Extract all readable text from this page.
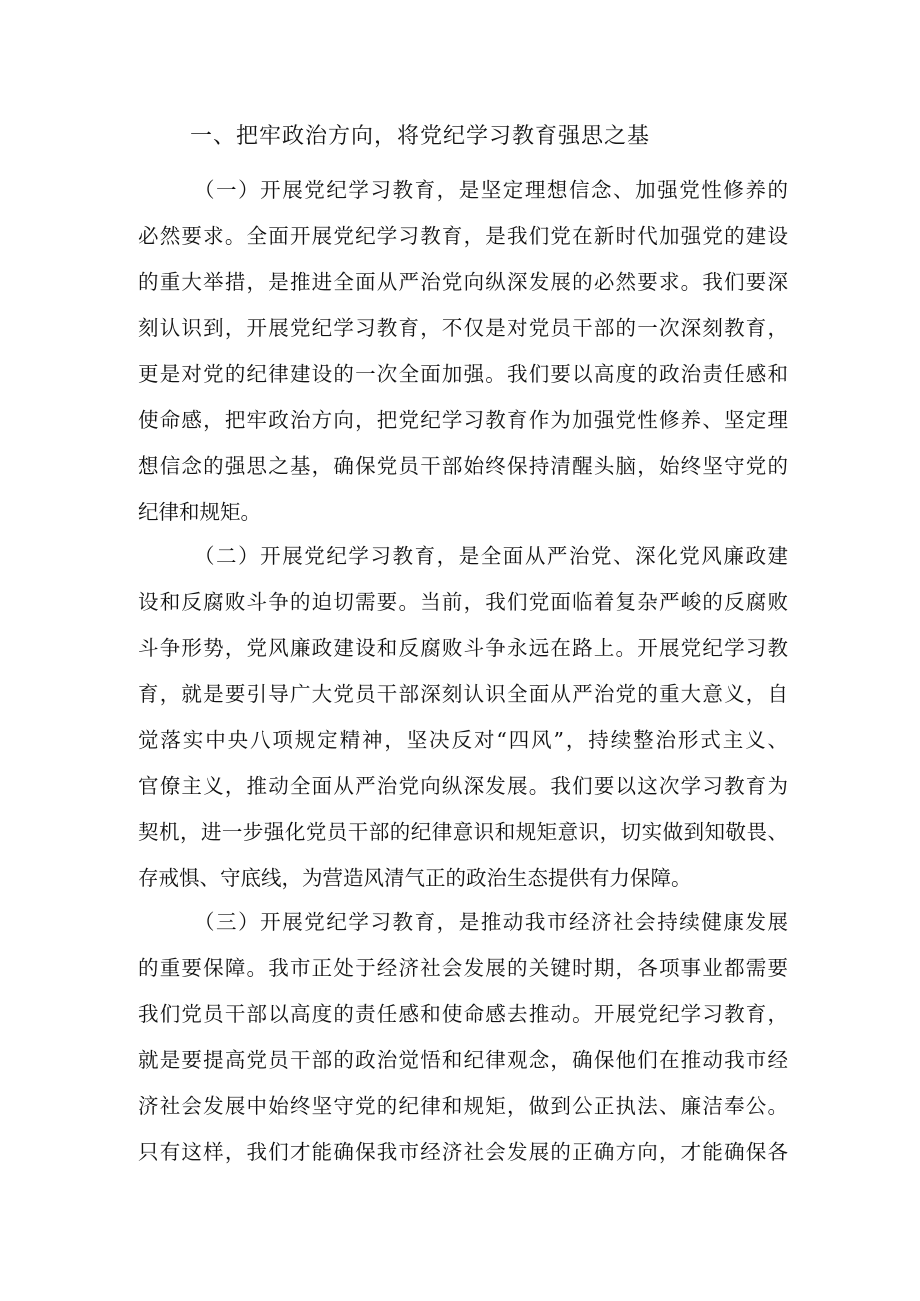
一、把牢政治方向，将党纪学习教育强思之基
（一）开展党纪学习教育，是坚定理想信念、加强党性修养的
必然要求。全面开展党纪学习教育，是我们党在新时代加强党的建设
的重大举措，是推进全面从严治党向纵深发展的必然要求。我们要深
刻认识到，开展党纪学习教育，不仅是对党员干部的一次深刻教育，
更是对党的纪律建设的一次全面加强。我们要以高度的政治责任感和
使命感，把牢政治方向，把党纪学习教育作为加强党性修养、坚定理
想信念的强思之基，确保党员干部始终保持清醒头脑，始终坚守党的
纪律和规矩。
（二）开展党纪学习教育，是全面从严治党、深化党风廉政建
设和反腐败斗争的迫切需要。当前，我们党面临着复杂严峻的反腐败
斗争形势，党风廉政建设和反腐败斗争永远在路上。开展党纪学习教
育，就是要引导广大党员干部深刻认识全面从严治党的重大意义，自
觉落实中央八项规定精神，坚决反对“四风”，持续整治形式主义、
官僚主义，推动全面从严治党向纵深发展。我们要以这次学习教育为
契机，进一步强化党员干部的纪律意识和规矩意识，切实做到知敬畏、
存戒惧、守底线，为营造风清气正的政治生态提供有力保障。
（三）开展党纪学习教育，是推动我市经济社会持续健康发展
的重要保障。我市正处于经济社会发展的关键时期，各项事业都需要
我们党员干部以高度的责任感和使命感去推动。开展党纪学习教育，
就是要提高党员干部的政治觉悟和纪律观念，确保他们在推动我市经
济社会发展中始终坚守党的纪律和规矩，做到公正执法、廉洁奉公。
只有这样，我们才能确保我市经济社会发展的正确方向，才能确保各
